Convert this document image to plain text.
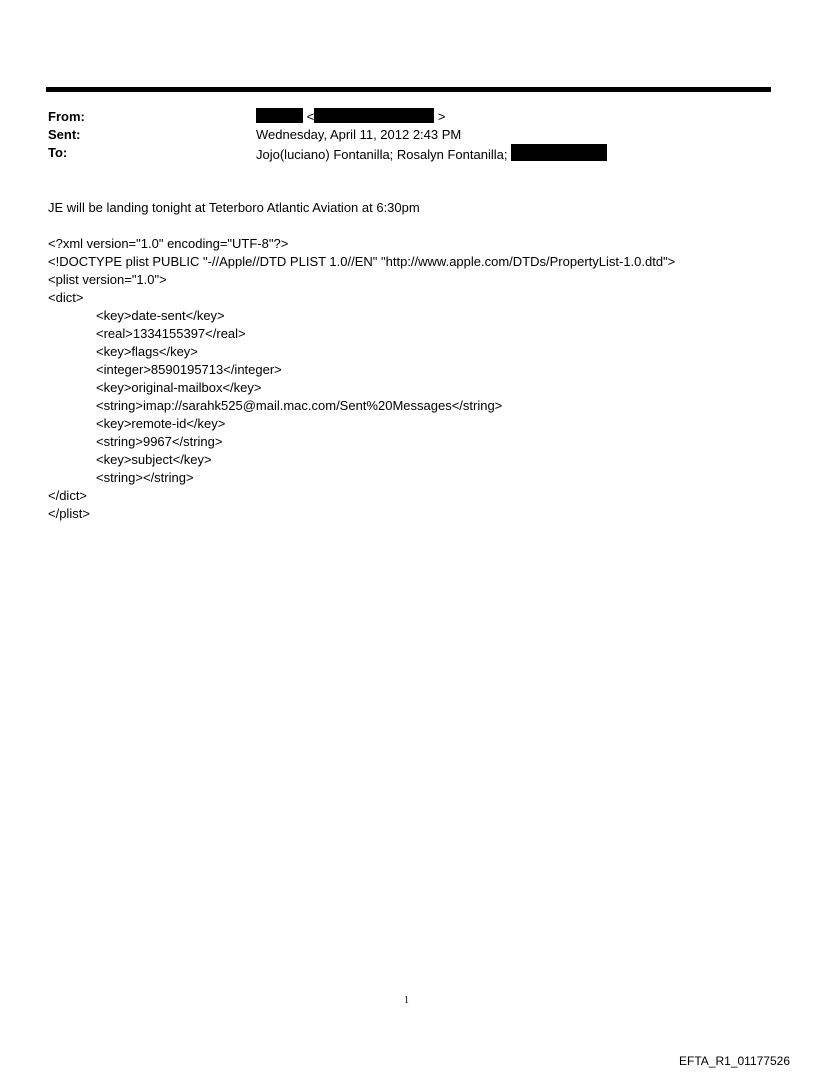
From:	<	>
Sent:	Wednesday, April 11, 2012 2:43 PM
To:	Jojo(luciano) Fontanilla; Rosalyn Fontanilla;
JE will be landing tonight at Teterboro Atlantic Aviation at 6:30pm
<?xml version="1.0" encoding="UTF-8"?>
<!DOCTYPE plist PUBLIC "-//Apple//DTD PLIST 1.0//EN" "http://www.apple.com/DTDs/PropertyList-1.0.dtd">
<plist version="1.0">
<dict>
<key>date-sent</key>
<real>1334155397</real>
<key>flags</key>
<integer>8590195713</integer>
<key>original-mailbox</key>
<string>imap://sarahk525@mail.mac.com/Sent%20Messages</string>
<key>remote-id</key>
<string>9967</string>
<key>subject</key>
<string></string>
</dict>
</plist>
1
EFTA_R1_01177526
